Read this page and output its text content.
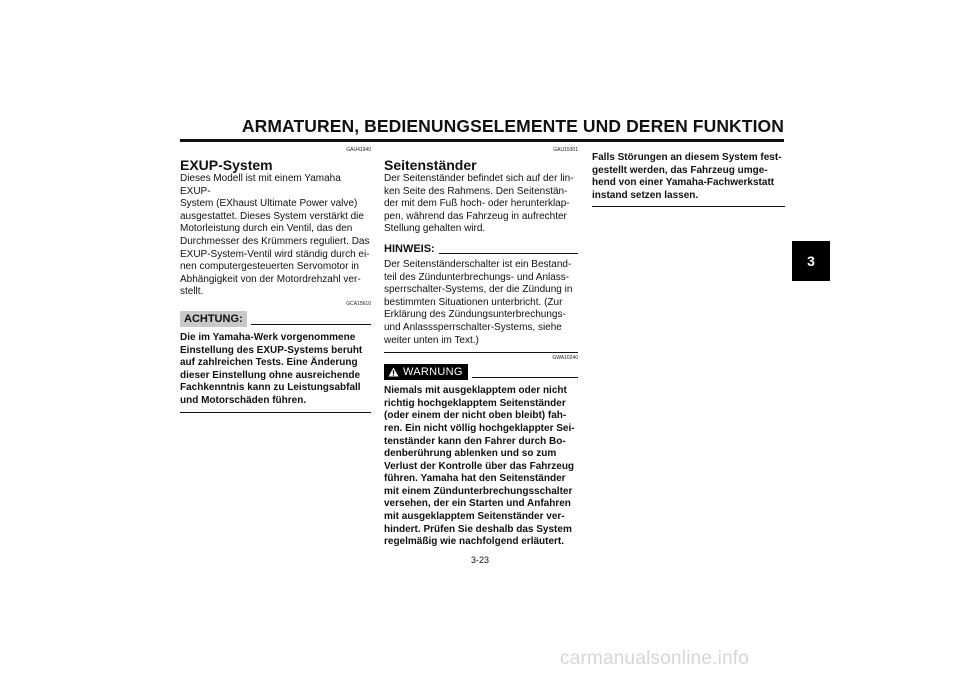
ARMATUREN, BEDIENUNGSELEMENTE UND DEREN FUNKTION
3
GAU41940
EXUP-System
Dieses Modell ist mit einem Yamaha EXUP-
System (EXhaust Ultimate Power valve)
ausgestattet. Dieses System verstärkt die
Motorleistung durch ein Ventil, das den
Durchmesser des Krümmers reguliert. Das
EXUP-System-Ventil wird ständig durch ei-
nen computergesteuerten Servomotor in
Abhängigkeit von der Motordrehzahl ver-
stellt.
GCA15610
ACHTUNG:
Die im Yamaha-Werk vorgenommene
Einstellung des EXUP-Systems beruht
auf zahlreichen Tests. Eine Änderung
dieser Einstellung ohne ausreichende
Fachkenntnis kann zu Leistungsabfall
und Motorschäden führen.
GAU15301
Seitenständer
Der Seitenständer befindet sich auf der lin-
ken Seite des Rahmens. Den Seitenstän-
der mit dem Fuß hoch- oder herunterklap-
pen, während das Fahrzeug in aufrechter
Stellung gehalten wird.
HINWEIS:
Der Seitenständerschalter ist ein Bestand-
teil des Zündunterbrechungs- und Anlass-
sperrschalter-Systems, der die Zündung in
bestimmten Situationen unterbricht. (Zur
Erklärung des Zündungsunterbrechungs-
und Anlasssperrschalter-Systems, siehe
weiter unten im Text.)
GWA10240
WARNUNG
Niemals mit ausgeklapptem oder nicht
richtig hochgeklapptem Seitenständer
(oder einem der nicht oben bleibt) fah-
ren. Ein nicht völlig hochgeklappter Sei-
tenständer kann den Fahrer durch Bo-
denberührung ablenken und so zum
Verlust der Kontrolle über das Fahrzeug
führen. Yamaha hat den Seitenständer
mit einem Zündunterbrechungsschalter
versehen, der ein Starten und Anfahren
mit ausgeklapptem Seitenständer ver-
hindert. Prüfen Sie deshalb das System
regelmäßig wie nachfolgend erläutert.
Falls Störungen an diesem System fest-
gestellt werden, das Fahrzeug umge-
hend von einer Yamaha-Fachwerkstatt
instand setzen lassen.
3-23
carmanualsonline.info
